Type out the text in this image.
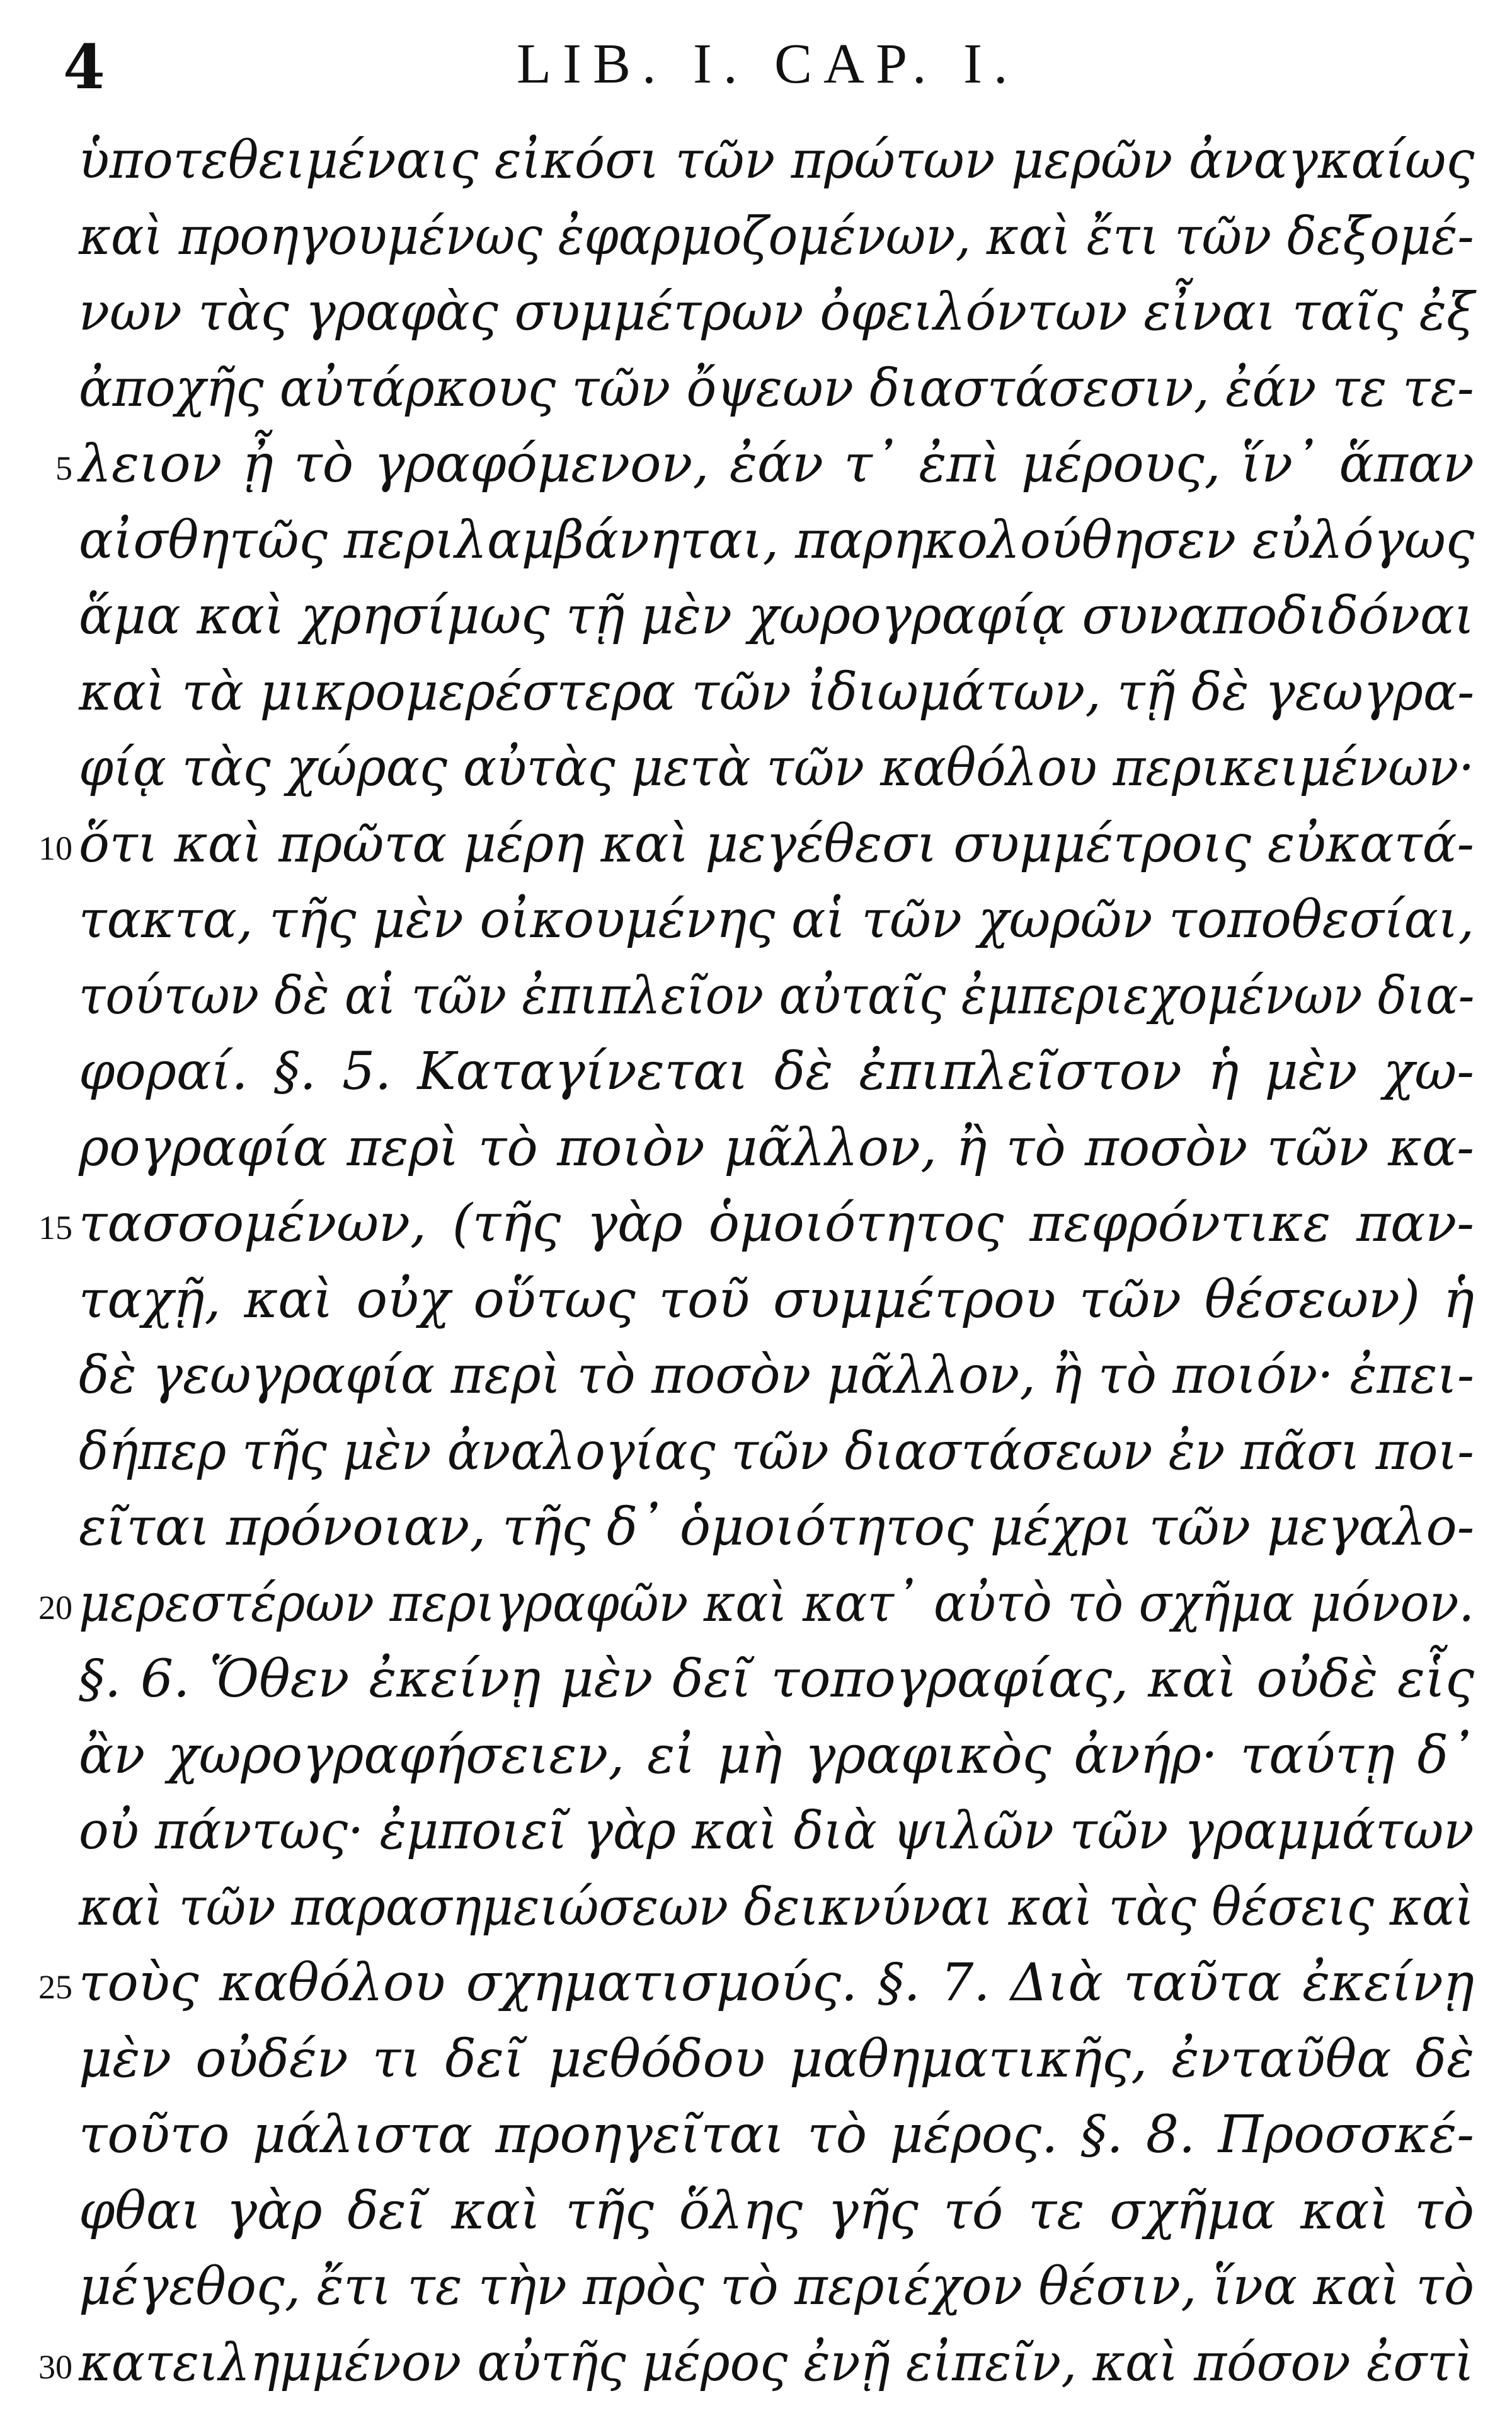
4	LIB. I. CAP. I.
ὑποτεθειμέναις εἰκόσι τῶν πρώτων μερῶν ἀναγκαίως
καὶ προηγουμένως ἐφαρμοζομένων, καὶ ἔτι τῶν δεξομέ-
νων τὰς γραφὰς συμμέτρων ὀφειλόντων εἶναι ταῖς ἐξ
ἀποχῆς αὐτάρκους τῶν ὄψεων διαστάσεσιν, ἐάν τε τε-
5 λειον ᾖ τὸ γραφόμενον, ἐάν τ᾽ ἐπὶ μέρους, ἵν᾽ ἅπαν
αἰσθητῶς περιλαμβάνηται, παρηκολούθησεν εὐλόγως
ἅμα καὶ χρησίμως τῇ μὲν χωρογραφίᾳ συναποδιδόναι
καὶ τὰ μικρομερέστερα τῶν ἰδιωμάτων, τῇ δὲ γεωγρα-
φίᾳ τὰς χώρας αὐτὰς μετὰ τῶν καθόλου περικειμένων·
10 ὅτι καὶ πρῶτα μέρη καὶ μεγέθεσι συμμέτροις εὐκατά-
τακτα, τῆς μὲν οἰκουμένης αἱ τῶν χωρῶν τοποθεσίαι,
τούτων δὲ αἱ τῶν ἐπιπλεῖον αὐταῖς ἐμπεριεχομένων δια-
φοραί. §. 5. Καταγίνεται δὲ ἐπιπλεῖστον ἡ μὲν χω-
ρογραφία περὶ τὸ ποιὸν μᾶλλον, ἢ τὸ ποσὸν τῶν κα-
15 τασσομένων, (τῆς γὰρ ὁμοιότητος πεφρόντικε παν-
ταχῇ, καὶ οὐχ οὕτως τοῦ συμμέτρου τῶν θέσεων) ἡ
δὲ γεωγραφία περὶ τὸ ποσὸν μᾶλλον, ἢ τὸ ποιόν· ἐπει-
δήπερ τῆς μὲν ἀναλογίας τῶν διαστάσεων ἐν πᾶσι ποι-
εῖται πρόνοιαν, τῆς δ᾽ ὁμοιότητος μέχρι τῶν μεγαλο-
20 μερεστέρων περιγραφῶν καὶ κατ᾽ αὐτὸ τὸ σχῆμα μόνον.
§. 6. Ὅθεν ἐκείνῃ μὲν δεῖ τοπογραφίας, καὶ οὐδὲ εἷς
ἂν χωρογραφήσειεν, εἰ μὴ γραφικὸς ἀνήρ· ταύτῃ δ᾽
οὐ πάντως· ἐμποιεῖ γὰρ καὶ διὰ ψιλῶν τῶν γραμμάτων
καὶ τῶν παρασημειώσεων δεικνύναι καὶ τὰς θέσεις καὶ
25 τοὺς καθόλου σχηματισμούς. §. 7. Διὰ ταῦτα ἐκείνῃ
μὲν οὐδέν τι δεῖ μεθόδου μαθηματικῆς, ἐνταῦθα δὲ
τοῦτο μάλιστα προηγεῖται τὸ μέρος. §. 8. Προσσκέ-
φθαι γὰρ δεῖ καὶ τῆς ὅλης γῆς τό τε σχῆμα καὶ τὸ
μέγεθος, ἔτι τε τὴν πρὸς τὸ περιέχον θέσιν, ἵνα καὶ τὸ
30 κατειλημμένον αὐτῆς μέρος ἐνῇ εἰπεῖν, καὶ πόσον ἐστὶ
